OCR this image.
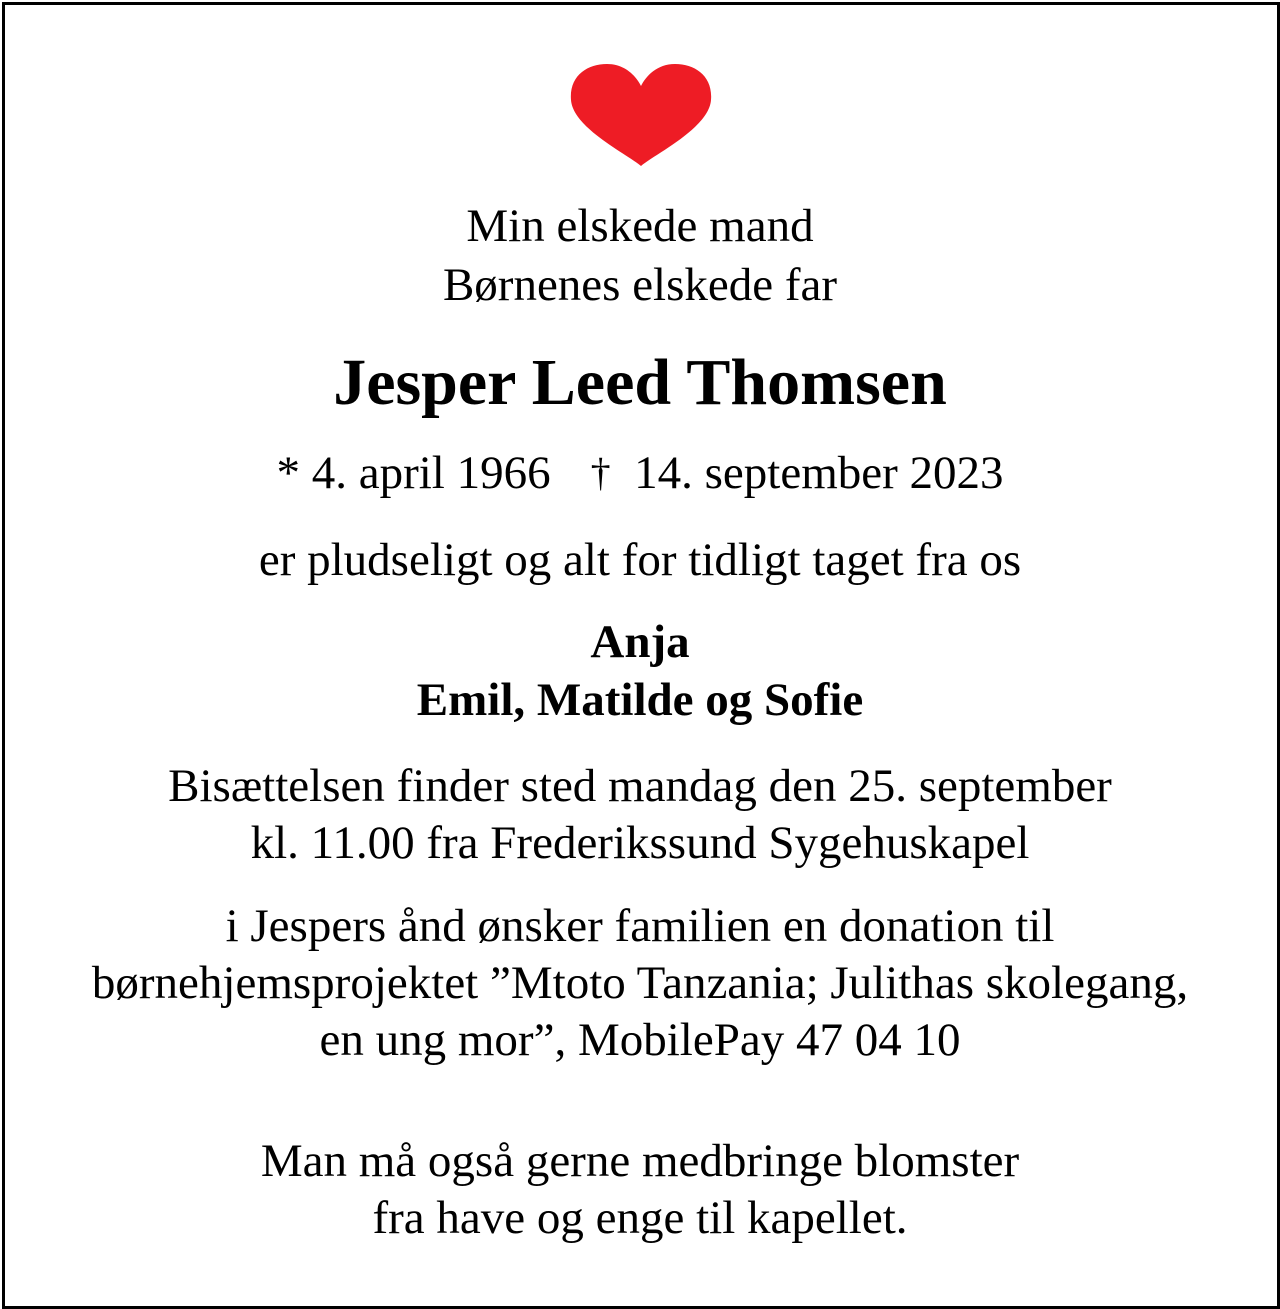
Min elskede mand
Børnenes elskede far
Jesper Leed Thomsen
* 4. april 1966 † 14. september 2023
er pludseligt og alt for tidligt taget fra os
Anja
Emil, Matilde og Sofie
Bisættelsen finder sted mandag den 25. september
kl. 11.00 fra Frederikssund Sygehuskapel
i Jespers ånd ønsker familien en donation til
børnehjemsprojektet ”Mtoto Tanzania; Julithas skolegang,
en ung mor”, MobilePay 47 04 10
Man må også gerne medbringe blomster
fra have og enge til kapellet.
